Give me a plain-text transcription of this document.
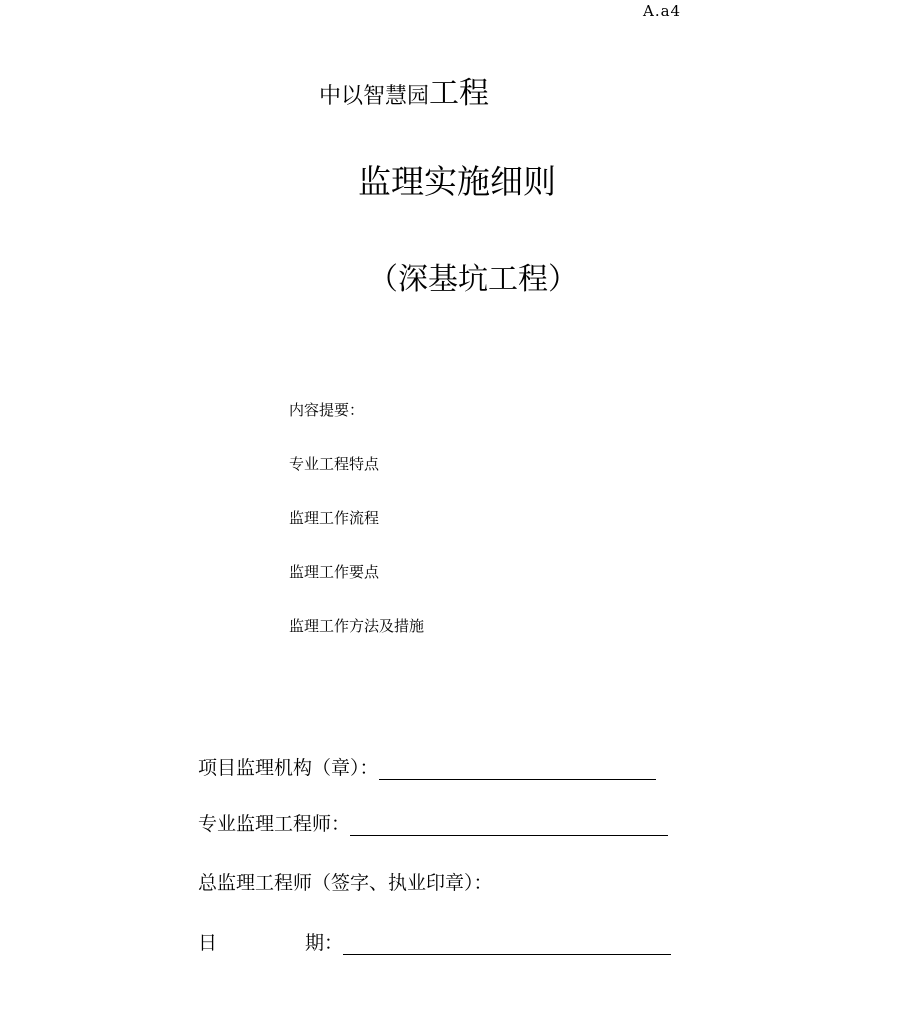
A.a4
中以智慧园工程
监理实施细则
（深基坑工程）
内容提要：
专业工程特点
监理工作流程
监理工作要点
监理工作方法及措施
项目监理机构（章）：
专业监理工程师：
总监理工程师（签字、执业印章）：
日	期：
